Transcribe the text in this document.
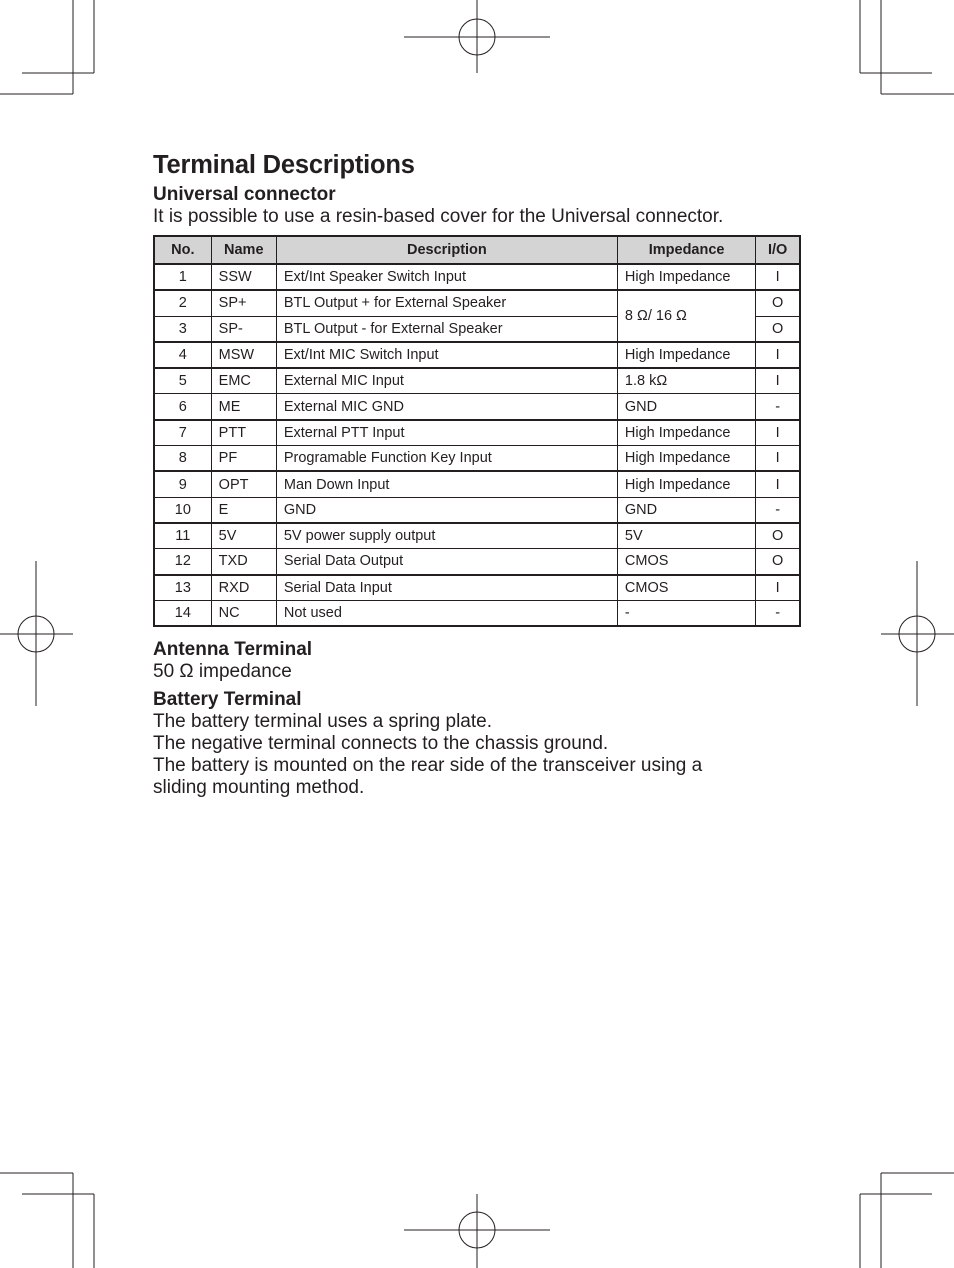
Terminal Descriptions
Universal connector
It is possible to use a resin-based cover for the Universal connector.
No.	Name	Description	Impedance	I/O
1	SSW	Ext/Int Speaker Switch Input	High Impedance	I
2	SP+	BTL Output + for External Speaker	8 Ω/ 16 Ω	O
3	SP-	BTL Output - for External Speaker		O
4	MSW	Ext/Int MIC Switch Input	High Impedance	I
5	EMC	External MIC Input	1.8 kΩ	I
6	ME	External MIC GND	GND	-
7	PTT	External PTT Input	High Impedance	I
8	PF	Programable Function Key Input	High Impedance	I
9	OPT	Man Down Input	High Impedance	I
10	E	GND	GND	-
11	5V	5V power supply output	5V	O
12	TXD	Serial Data Output	CMOS	O
13	RXD	Serial Data Input	CMOS	I
14	NC	Not used	-	-
Antenna Terminal
50 Ω impedance
Battery Terminal
The battery terminal uses a spring plate.
The negative terminal connects to the chassis ground.
The battery is mounted on the rear side of the transceiver using a
sliding mounting method.
